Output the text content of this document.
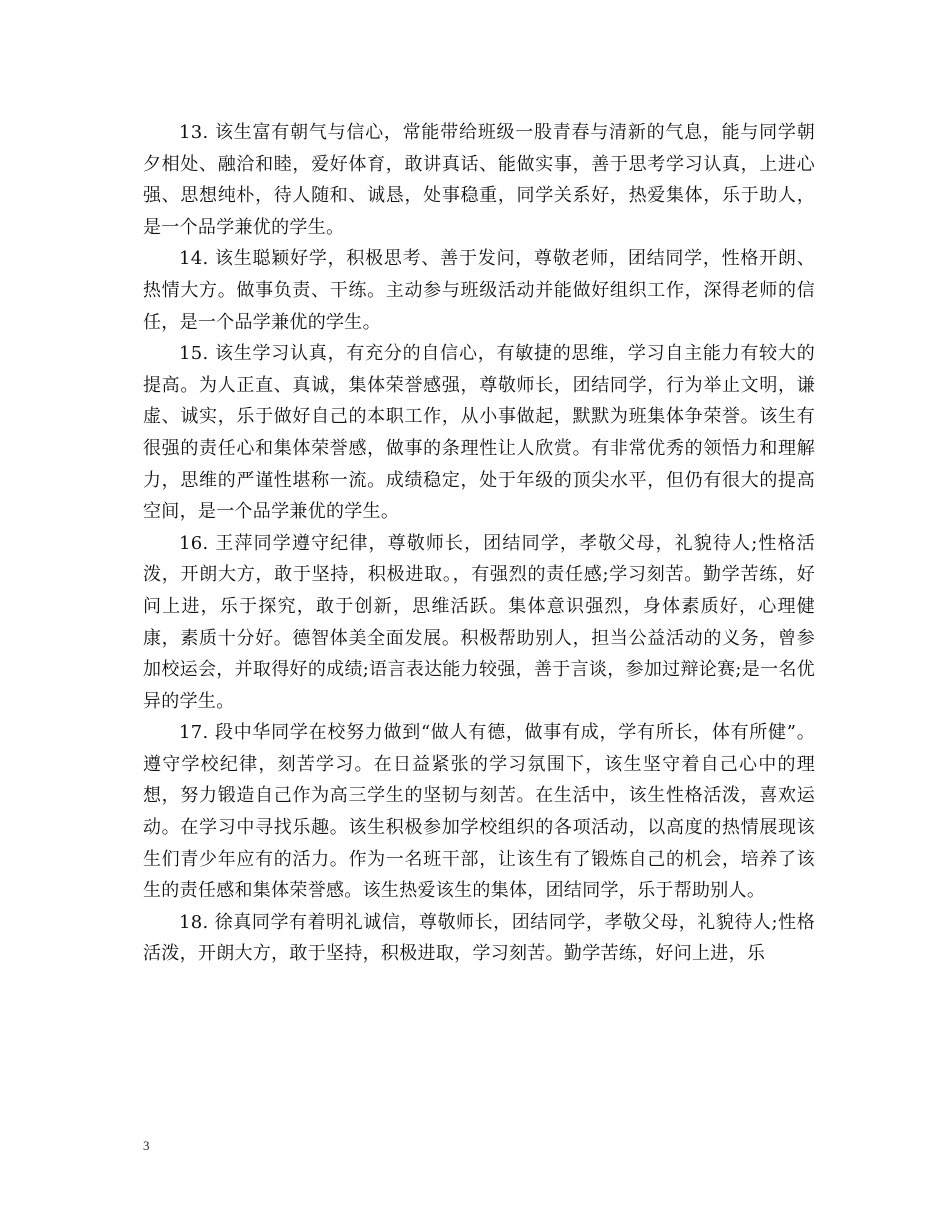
13. 该生富有朝气与信心，常能带给班级一股青春与清新的气息，能与同学朝夕相处、融洽和睦，爱好体育，敢讲真话、能做实事，善于思考学习认真，上进心强、思想纯朴，待人随和、诚恳，处事稳重，同学关系好，热爱集体，乐于助人，是一个品学兼优的学生。

14. 该生聪颖好学，积极思考、善于发问，尊敬老师，团结同学，性格开朗、热情大方。做事负责、干练。主动参与班级活动并能做好组织工作，深得老师的信任，是一个品学兼优的学生。

15. 该生学习认真，有充分的自信心，有敏捷的思维，学习自主能力有较大的提高。为人正直、真诚，集体荣誉感强，尊敬师长，团结同学，行为举止文明，谦虚、诚实，乐于做好自己的本职工作，从小事做起，默默为班集体争荣誉。该生有很强的责任心和集体荣誉感，做事的条理性让人欣赏。有非常优秀的领悟力和理解力，思维的严谨性堪称一流。成绩稳定，处于年级的顶尖水平，但仍有很大的提高空间，是一个品学兼优的学生。

16. 王萍同学遵守纪律，尊敬师长，团结同学，孝敬父母，礼貌待人;性格活泼，开朗大方，敢于坚持，积极进取。，有强烈的责任感;学习刻苦。勤学苦练，好问上进，乐于探究，敢于创新，思维活跃。集体意识强烈，身体素质好，心理健康，素质十分好。德智体美全面发展。积极帮助别人，担当公益活动的义务，曾参加校运会，并取得好的成绩;语言表达能力较强，善于言谈，参加过辩论赛;是一名优异的学生。

17. 段中华同学在校努力做到“做人有德，做事有成，学有所长，体有所健”。遵守学校纪律，刻苦学习。在日益紧张的学习氛围下，该生坚守着自己心中的理想，努力锻造自己作为高三学生的坚韧与刻苦。在生活中，该生性格活泼，喜欢运动。在学习中寻找乐趣。该生积极参加学校组织的各项活动，以高度的热情展现该生们青少年应有的活力。作为一名班干部，让该生有了锻炼自己的机会，培养了该生的责任感和集体荣誉感。该生热爱该生的集体，团结同学，乐于帮助别人。

18. 徐真同学有着明礼诚信，尊敬师长，团结同学，孝敬父母，礼貌待人;性格活泼，开朗大方，敢于坚持，积极进取，学习刻苦。勤学苦练，好问上进，乐

3
